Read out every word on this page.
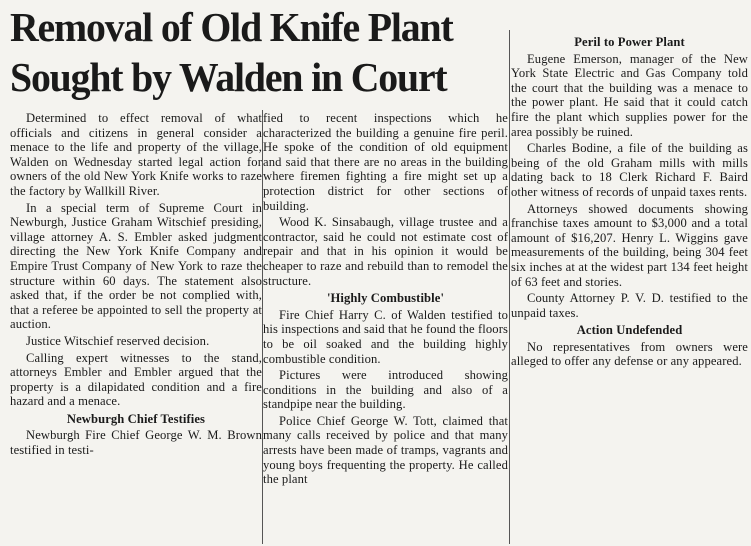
Removal of Old Knife Plant
Sought by Walden in Court

Determined to effect removal of what officials and citizens in general consider a menace to the life and property of the village, Walden on Wednesday started legal action for owners of the old New York Knife works to raze the factory by Wallkill River.

In a special term of Supreme Court in Newburgh, Justice Graham Witschief presiding, village attorney A. S. Embler asked judgment directing the New York Knife Company and Empire Trust Company of New York to raze the structure within 60 days. The statement also asked that, if the order be not complied with, that a referee be appointed to sell the property at auction.

Justice Witschief reserved decision.

Calling expert witnesses to the stand, attorneys Embler and Embler argued that the property is a dilapidated condition and a fire hazard and a menace.

Newburgh Chief Testifies

Newburgh Fire Chief George W. M. Brown testified in testi-

fied to recent inspections which he characterized the building a genuine fire peril. He spoke of the condition of old equipment and said that there are no areas in the building where firemen fighting a fire might set up a protection district for other sections of building.

Wood K. Sinsabaugh, village trustee and a contractor, said he could not estimate cost of repair and that in his opinion it would be cheaper to raze and rebuild than to remodel the structure.

'Highly Combustible'

Fire Chief Harry C. of Walden testified to his inspections and said that he found the floors to be oil soaked and the building highly combustible condition.

Pictures were introduced showing conditions in the building and also of a standpipe near the building.

Police Chief George W. Tott, claimed that many calls received by police and that many arrests have been made of tramps, vagrants and young boys frequenting the property. He called the plant

Peril to Power Plant

Eugene Emerson, manager of the New York State Electric and Gas Company told the court that the building was a menace to the power plant. He said that it could catch fire the plant which supplies power for the area possibly be ruined.

Charles Bodine, a file of the building as being of the old Graham mills with mills dating back to 18 Clerk Richard F. Baird other witness of records of unpaid taxes rents.

Attorneys showed documents showing franchise taxes amount to $3,000 and a total amount of $16,207. Henry L. Wiggins gave measurements of the building, being 304 feet six inches at at the widest part 134 feet height of 63 feet and stories.

County Attorney P. V. D. testified to the unpaid taxes.

Action Undefended

No representatives from owners were alleged to offer any defense or any appeared.
